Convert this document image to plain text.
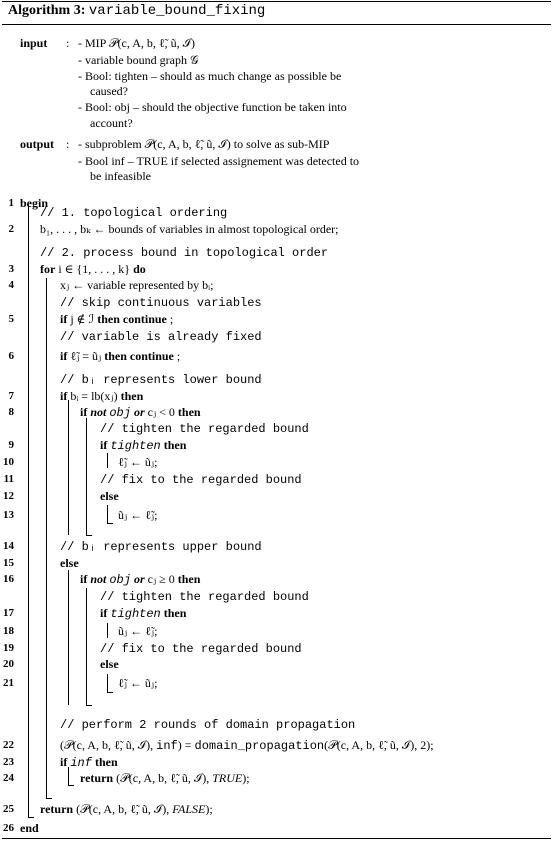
Algorithm 3: variable_bound_fixing
input : - MIP 𝒫(c, A, b, ℓ̃, ũ, ℐ)
- variable bound graph 𝒢
- Bool: tighten – should as much change as possible be
caused?
- Bool: obj – should the objective function be taken into
account?
output : - subproblem 𝒫(c, A, b, ℓ̃, ũ, ℐ) to solve as sub-MIP
- Bool inf – TRUE if selected assignement was detected to
be infeasible
begin
1
// 1. topological ordering
b₁, . . . , bₖ ← bounds of variables in almost topological order;
2
// 2. process bound in topological order
for i ∈ {1, . . . , k} do
3
xⱼ ← variable represented by bᵢ;
4
// skip continuous variables
if j ∉ ℐ then continue ;
5
// variable is already fixed
if ℓ̃ⱼ = ũⱼ then continue ;
6
// bᵢ represents lower bound
if bᵢ = lb(xⱼ) then
7
if not obj or cⱼ < 0 then
8
// tighten the regarded bound
if tighten then
9
ℓ̃ⱼ ← ũⱼ;
10
// fix to the regarded bound
11
else
12
ũⱼ ← ℓ̃ⱼ;
13
// bᵢ represents upper bound
14
else
15
if not obj or cⱼ ≥ 0 then
16
// tighten the regarded bound
if tighten then
17
ũⱼ ← ℓ̃ⱼ;
18
// fix to the regarded bound
19
else
20
ℓ̃ⱼ ← ũⱼ;
21
// perform 2 rounds of domain propagation
(𝒫(c, A, b, ℓ̃, ũ, ℐ), inf) = domain_propagation(𝒫(c, A, b, ℓ̃, ũ, ℐ), 2);
22
if inf then
23
return (𝒫(c, A, b, ℓ̃, ũ, ℐ), TRUE);
24
return (𝒫(c, A, b, ℓ̃, ũ, ℐ), FALSE);
25
end
26
